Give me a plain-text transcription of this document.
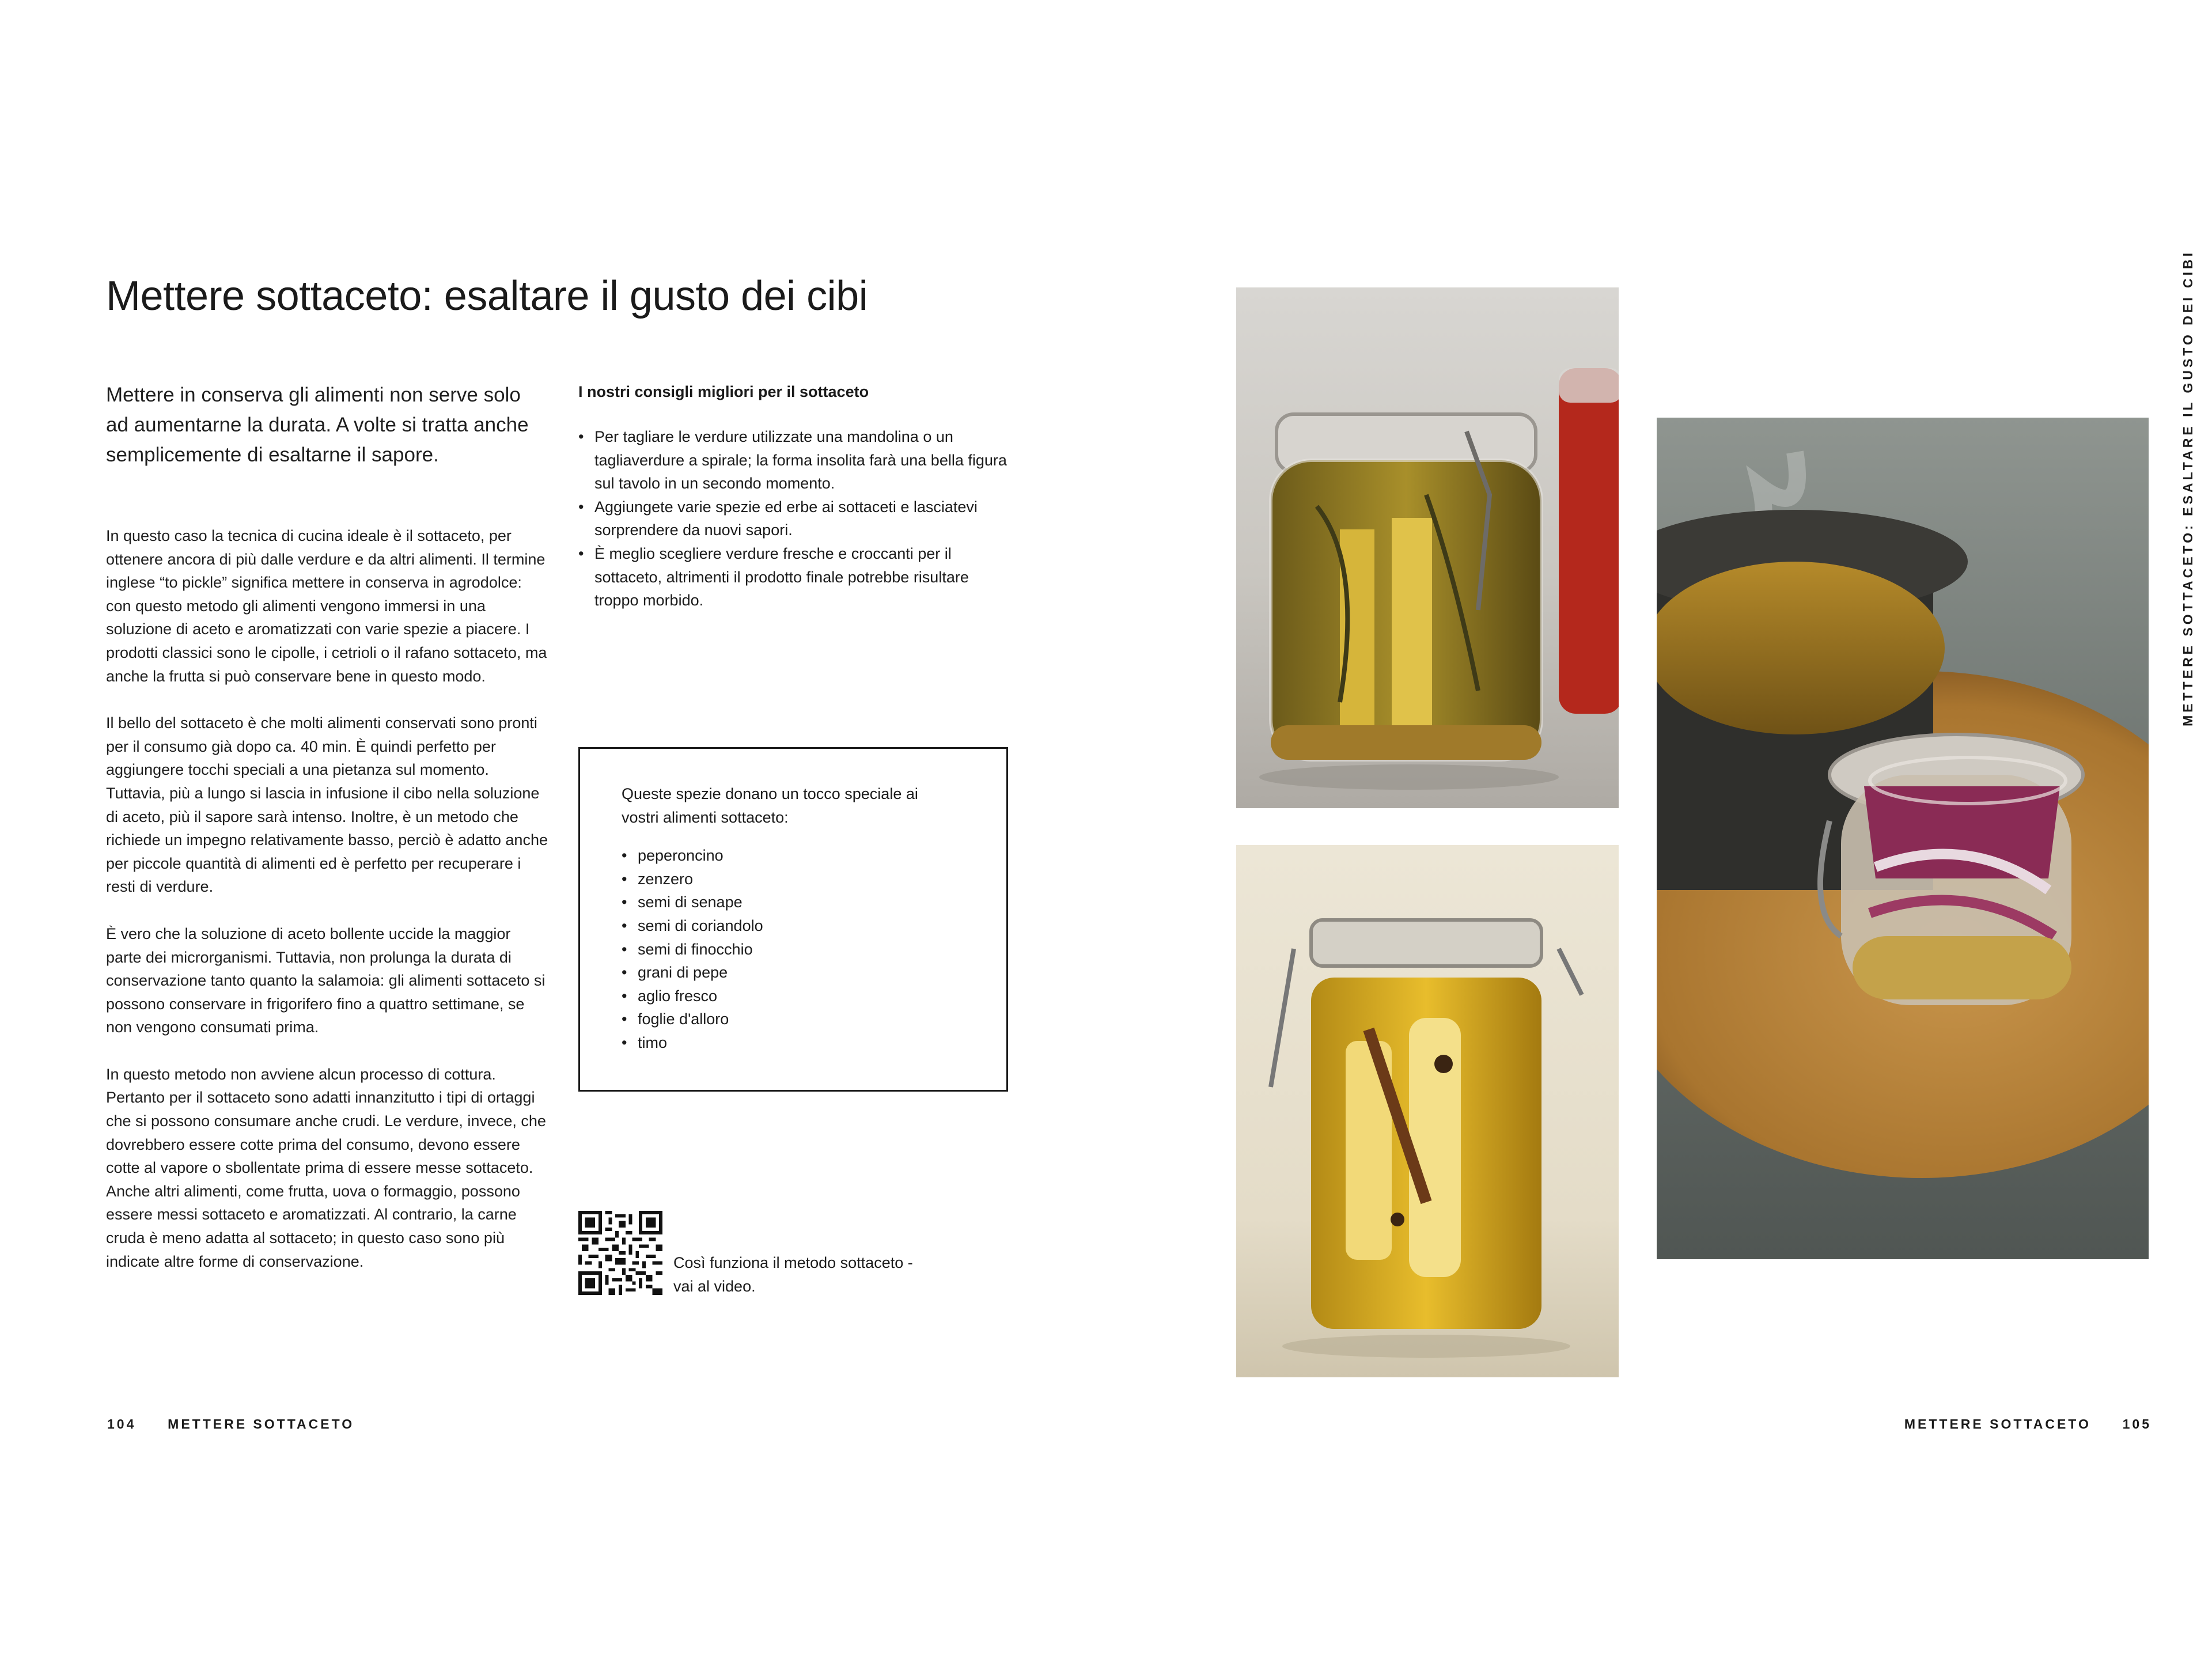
Mettere sottaceto: esaltare il gusto dei cibi

Mettere in conserva gli alimenti non serve solo ad aumentarne la durata. A volte si tratta anche semplicemente di esaltarne il sapore.

In questo caso la tecnica di cucina ideale è il sottaceto, per ottenere ancora di più dalle verdure e da altri alimenti. Il termine inglese “to pickle” significa mettere in conserva in agrodolce: con questo metodo gli alimenti vengono immersi in una soluzione di aceto e aromatizzati con varie spezie a piacere. I prodotti classici sono le cipolle, i cetrioli o il rafano sottaceto, ma anche la frutta si può conservare bene in questo modo.

Il bello del sottaceto è che molti alimenti conservati sono pronti per il consumo già dopo ca. 40 min. È quindi perfetto per aggiungere tocchi speciali a una pietanza sul momento. Tuttavia, più a lungo si lascia in infusione il cibo nella soluzione di aceto, più il sapore sarà intenso. Inoltre, è un metodo che richiede un impegno relativamente basso, perciò è adatto anche per piccole quantità di alimenti ed è perfetto per recuperare i resti di verdure.

È vero che la soluzione di aceto bollente uccide la maggior parte dei microrganismi. Tuttavia, non prolunga la durata di conservazione tanto quanto la salamoia: gli alimenti sottaceto si possono conservare in frigorifero fino a quattro settimane, se non vengono consumati prima.

In questo metodo non avviene alcun processo di cottura. Pertanto per il sottaceto sono adatti innanzitutto i tipi di ortaggi che si possono consumare anche crudi. Le verdure, invece, che dovrebbero essere cotte prima del consumo, devono essere cotte al vapore o sbollentate prima di essere messe sottaceto. Anche altri alimenti, come frutta, uova o formaggio, possono essere messi sottaceto e aromatizzati. Al contrario, la carne cruda è meno adatta al sottaceto; in questo caso sono più indicate altre forme di conservazione.

I nostri consigli migliori per il sottaceto
• Per tagliare le verdure utilizzate una mandolina o un tagliaverdure a spirale; la forma insolita farà una bella figura sul tavolo in un secondo momento.
• Aggiungete varie spezie ed erbe ai sottaceti e lasciatevi sorprendere da nuovi sapori.
• È meglio scegliere verdure fresche e croccanti per il sottaceto, altrimenti il prodotto finale potrebbe risultare troppo morbido.

Queste spezie donano un tocco speciale ai vostri alimenti sottaceto:

• peperoncino
• zenzero
• semi di senape
• semi di coriandolo
• semi di finocchio
• grani di pepe
• aglio fresco
• foglie d'alloro
• timo
Così funziona il metodo sottaceto - vai al video.
104 METTERE SOTTACETO	METTERE SOTTACETO 105
METTERE SOTTACETO: ESALTARE IL GUSTO DEI CIBI
